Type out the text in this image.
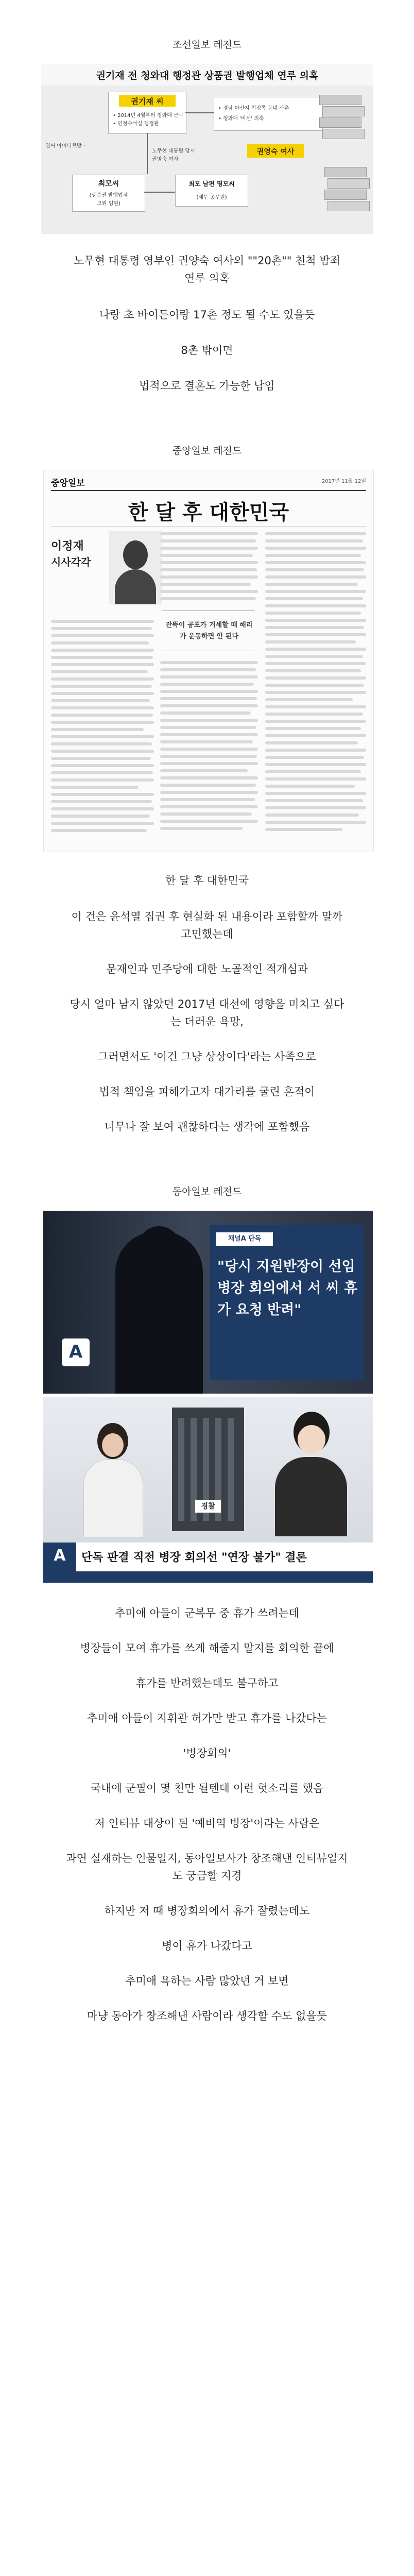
조선일보 레전드
권기재 전 청와대 행정관 상품권 발행업체 연루 의혹
권기재 씨
• 2014년 4월부터 청와대 근무
• 민정수석실 행정관
• 경남 마산지 친정쪽 동네 사촌
• 청와대 '비선' 의혹
권영숙 여사
권씨 아이디르방 ·
노무현 대통령 당시
권영숙 여사
최모씨
(상품권 발행업체
고위 임원)
최모 남편 명모씨
(세무 공무원)
노무현 대통령 영부인 권양숙 여사의 ""20촌"" 친척 밤죄
연루 의혹
나랑 초 바이든이랑 17촌 정도 될 수도 있을듯
8촌 밖이면
법적으로 결혼도 가능한 남임
중앙일보 레전드
중앙일보	2017년 11월 12일
한 달 후 대한민국
이정재
시사각각
잔뜩이 공포가 거세할 때 해리가 운동하면 안 된다
한 달 후 대한민국
이 건은 윤석열 집권 후 현실화 된 내용이라 포함할까 말까
고민했는데
문재인과 민주당에 대한 노골적인 적개심과
당시 얼마 남지 않았던 2017년 대선에 영향을 미치고 싶다
는 더러운 욕망,
그러면서도 '이건 그냥 상상이다'라는 사족으로
법적 책임을 피해가고자 대가리를 굴린 흔적이
너무나 잘 보여 괜찮하다는 생각에 포함했음
동아일보 레전드
채널A 단독
"당시 지원반장이 선임병장 회의에서 서 씨 휴가 요청 반려"
A
경찰
A	단독 판결 직전 병장 회의선 "연장 불가" 결론
추미애 아들이 군복무 중 휴가 쓰려는데
병장들이 모여 휴가를 쓰게 해줄지 말지를 회의한 끝에
휴가를 반려했는데도 불구하고
추미애 아들이 지휘관 허가만 받고 휴가를 나갔다는
'병장회의'
국내에 군필이 몇 천만 될텐데 이런 헛소리를 했음
저 인터뷰 대상이 된 '예비역 병장'이라는 사람은
과연 실재하는 인물일지, 동아일보사가 창조해낸 인터뷰일지
도 궁금할 지경
하지만 저 때 병장회의에서 휴가 잘렸는데도
병이 휴가 나갔다고
추미애 욕하는 사람 많았던 거 보면
마냥 동아가 창조해낸 사람이라 생각할 수도 없을듯
